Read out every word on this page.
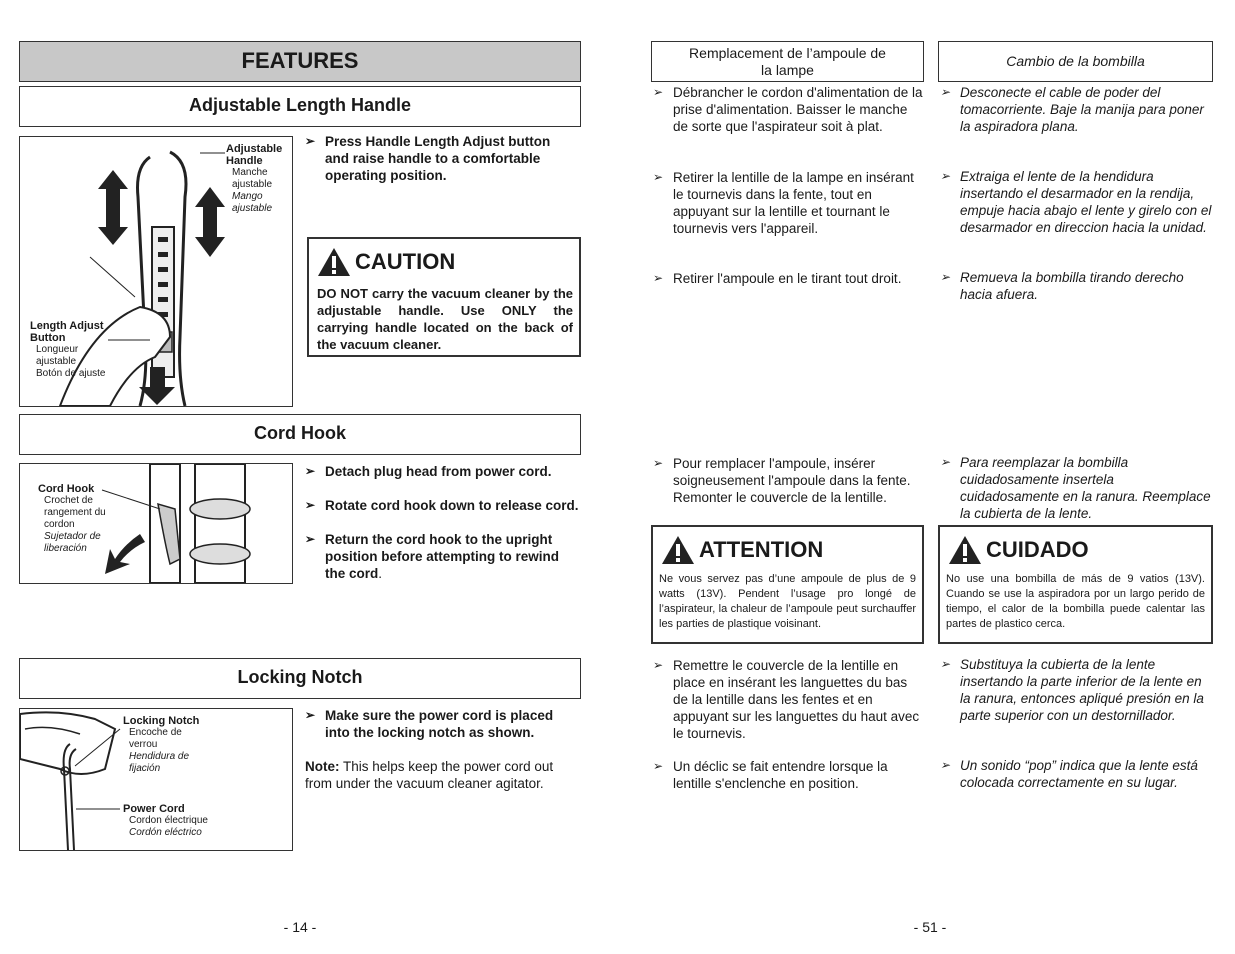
FEATURES
Adjustable Length Handle
Adjustable Handle
Manche ajustable
Mango ajustable
Length Adjust Button
Longueur ajustable
Botón de ajuste
➢ Press Handle Length Adjust button and raise handle to a comfortable operating position.
CAUTION
DO NOT carry the vacuum cleaner by the adjustable handle. Use ONLY the carrying handle located on the back of the vacuum cleaner.
Cord Hook
Cord Hook
Crochet de rangement du cordon
Sujetador de liberación
➢ Detach plug head from power cord.
➢ Rotate cord hook down to release cord.
➢ Return the cord hook to the upright position before attempting to rewind the cord.
Locking Notch
Locking Notch
Encoche de verrou
Hendidura de fijación
Power Cord
Cordon électrique
Cordón eléctrico
➢ Make sure the power cord is placed into the locking notch as shown.
Note: This helps keep the power cord out from under the vacuum cleaner agitator.
- 14 -
Remplacement de l’ampoule de la lampe
Cambio de la bombilla
➢ Débrancher le cordon d'alimentation de la prise d'alimentation. Baisser le manche de sorte que l'aspirateur soit à plat.
➢ Retirer la lentille de la lampe en insérant le tournevis dans la fente, tout en appuyant sur la lentille et tournant le tournevis vers l'appareil.
➢ Retirer l'ampoule en le tirant tout droit.
➢ Pour remplacer l'ampoule, insérer soigneusement l'ampoule dans la fente. Remonter le couvercle de la lentille.
➢ Remettre le couvercle de la lentille en place en insérant les languettes du bas de la lentille dans les fentes et en appuyant sur les languettes du haut avec le tournevis.
➢ Un déclic se fait entendre lorsque la lentille s'enclenche en position.
➢ Desconecte el cable de poder del tomacorriente. Baje la manija para poner la aspiradora plana.
➢ Extraiga el lente de la hendidura insertando el desarmador en la rendija, empuje hacia abajo el lente y girelo con el desarmador en direccion hacia la unidad.
➢ Remueva la bombilla tirando derecho hacia afuera.
➢ Para reemplazar la bombilla cuidadosamente insertela cuidadosamente en la ranura. Reemplace la cubierta de la lente.
➢ Substituya la cubierta de la lente insertando la parte inferior de la lente en la ranura, entonces apliqué presión en la parte superior con un destornillador.
➢ Un sonido “pop” indica que la lente está colocada correctamente en su lugar.
ATTENTION
Ne vous servez pas d’une ampoule de plus de 9 watts (13V). Pendent l’usage pro longé de l’aspirateur, la chaleur de l’ampoule peut surchauffer les parties de plastique voisinant.
CUIDADO
No use una bombilla de más de 9 vatios (13V). Cuando se use la aspiradora por un largo perido de tiempo, el calor de la bombilla puede calentar las partes de plastico cerca.
- 51 -
